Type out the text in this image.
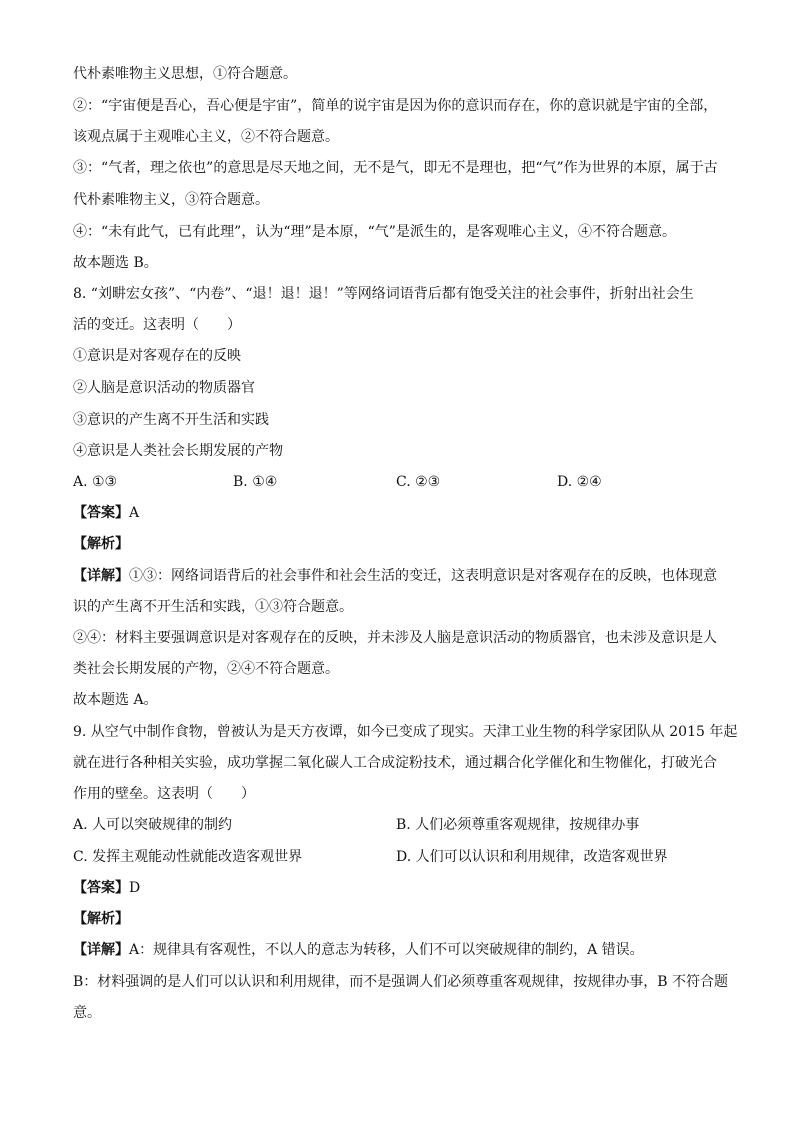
代朴素唯物主义思想，①符合题意。
②：“宇宙便是吾心，吾心便是宇宙”，简单的说宇宙是因为你的意识而存在，你的意识就是宇宙的全部，
该观点属于主观唯心主义，②不符合题意。
③：“气者，理之依也”的意思是尽天地之间，无不是气，即无不是理也，把“气”作为世界的本原，属于古
代朴素唯物主义，③符合题意。
④：“未有此气，已有此理”，认为“理”是本原，“气”是派生的，是客观唯心主义，④不符合题意。
故本题选 B。
8. “刘畊宏女孩”、“内卷”、“退！退！退！”等网络词语背后都有饱受关注的社会事件，折射出社会生
活的变迁。这表明（　　）
①意识是对客观存在的反映
②人脑是意识活动的物质器官
③意识的产生离不开生活和实践
④意识是人类社会长期发展的产物
A. ①③	B. ①④	C. ②③	D. ②④
【答案】A
【解析】
【详解】①③：网络词语背后的社会事件和社会生活的变迁，这表明意识是对客观存在的反映，也体现意
识的产生离不开生活和实践，①③符合题意。
②④：材料主要强调意识是对客观存在的反映，并未涉及人脑是意识活动的物质器官，也未涉及意识是人
类社会长期发展的产物，②④不符合题意。
故本题选 A。
9. 从空气中制作食物，曾被认为是天方夜谭，如今已变成了现实。天津工业生物的科学家团队从 2015 年起
就在进行各种相关实验，成功掌握二氧化碳人工合成淀粉技术，通过耦合化学催化和生物催化，打破光合
作用的壁垒。这表明（　　）
A. 人可以突破规律的制约	B. 人们必须尊重客观规律，按规律办事
C. 发挥主观能动性就能改造客观世界	D. 人们可以认识和利用规律，改造客观世界
【答案】D
【解析】
【详解】A：规律具有客观性，不以人的意志为转移，人们不可以突破规律的制约，A 错误。
B：材料强调的是人们可以认识和利用规律，而不是强调人们必须尊重客观规律，按规律办事，B 不符合题
意。
